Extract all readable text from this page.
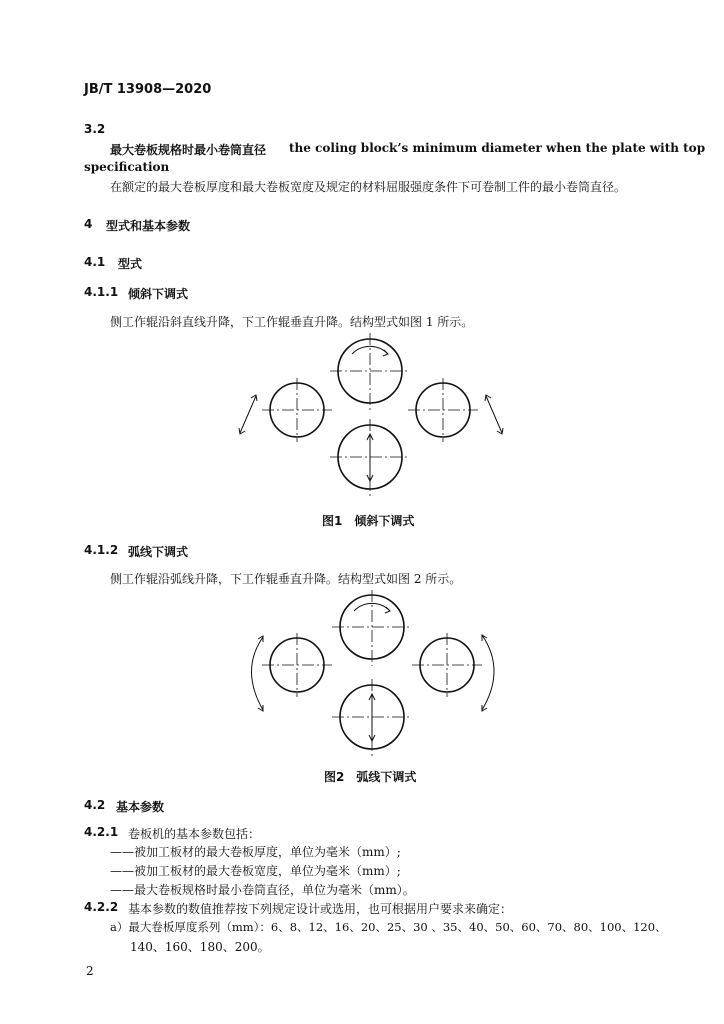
JB/T 13908—2020
3.2
最大卷板规格时最小卷筒直径 the coling block’s minimum diameter when the plate with top
specification
在额定的最大卷板厚度和最大卷板宽度及规定的材料屈服强度条件下可卷制工件的最小卷筒直径。
4 型式和基本参数
4.1 型式
4.1.1 倾斜下调式
侧工作辊沿斜直线升降，下工作辊垂直升降。结构型式如图 1 所示。
图1　倾斜下调式
4.1.2 弧线下调式
侧工作辊沿弧线升降，下工作辊垂直升降。结构型式如图 2 所示。
图2　弧线下调式
4.2 基本参数
4.2.1 卷板机的基本参数包括：
——被加工板材的最大卷板厚度，单位为毫米（mm）;
——被加工板材的最大卷板宽度，单位为毫米（mm）;
——最大卷板规格时最小卷筒直径，单位为毫米（mm）。
4.2.2 基本参数的数值推荐按下列规定设计或选用，也可根据用户要求来确定：
a）最大卷板厚度系列（mm）：6、8、12、16、20、25、30 、35、40、50、60、70、80、100、120、
140、160、180、200。
2
